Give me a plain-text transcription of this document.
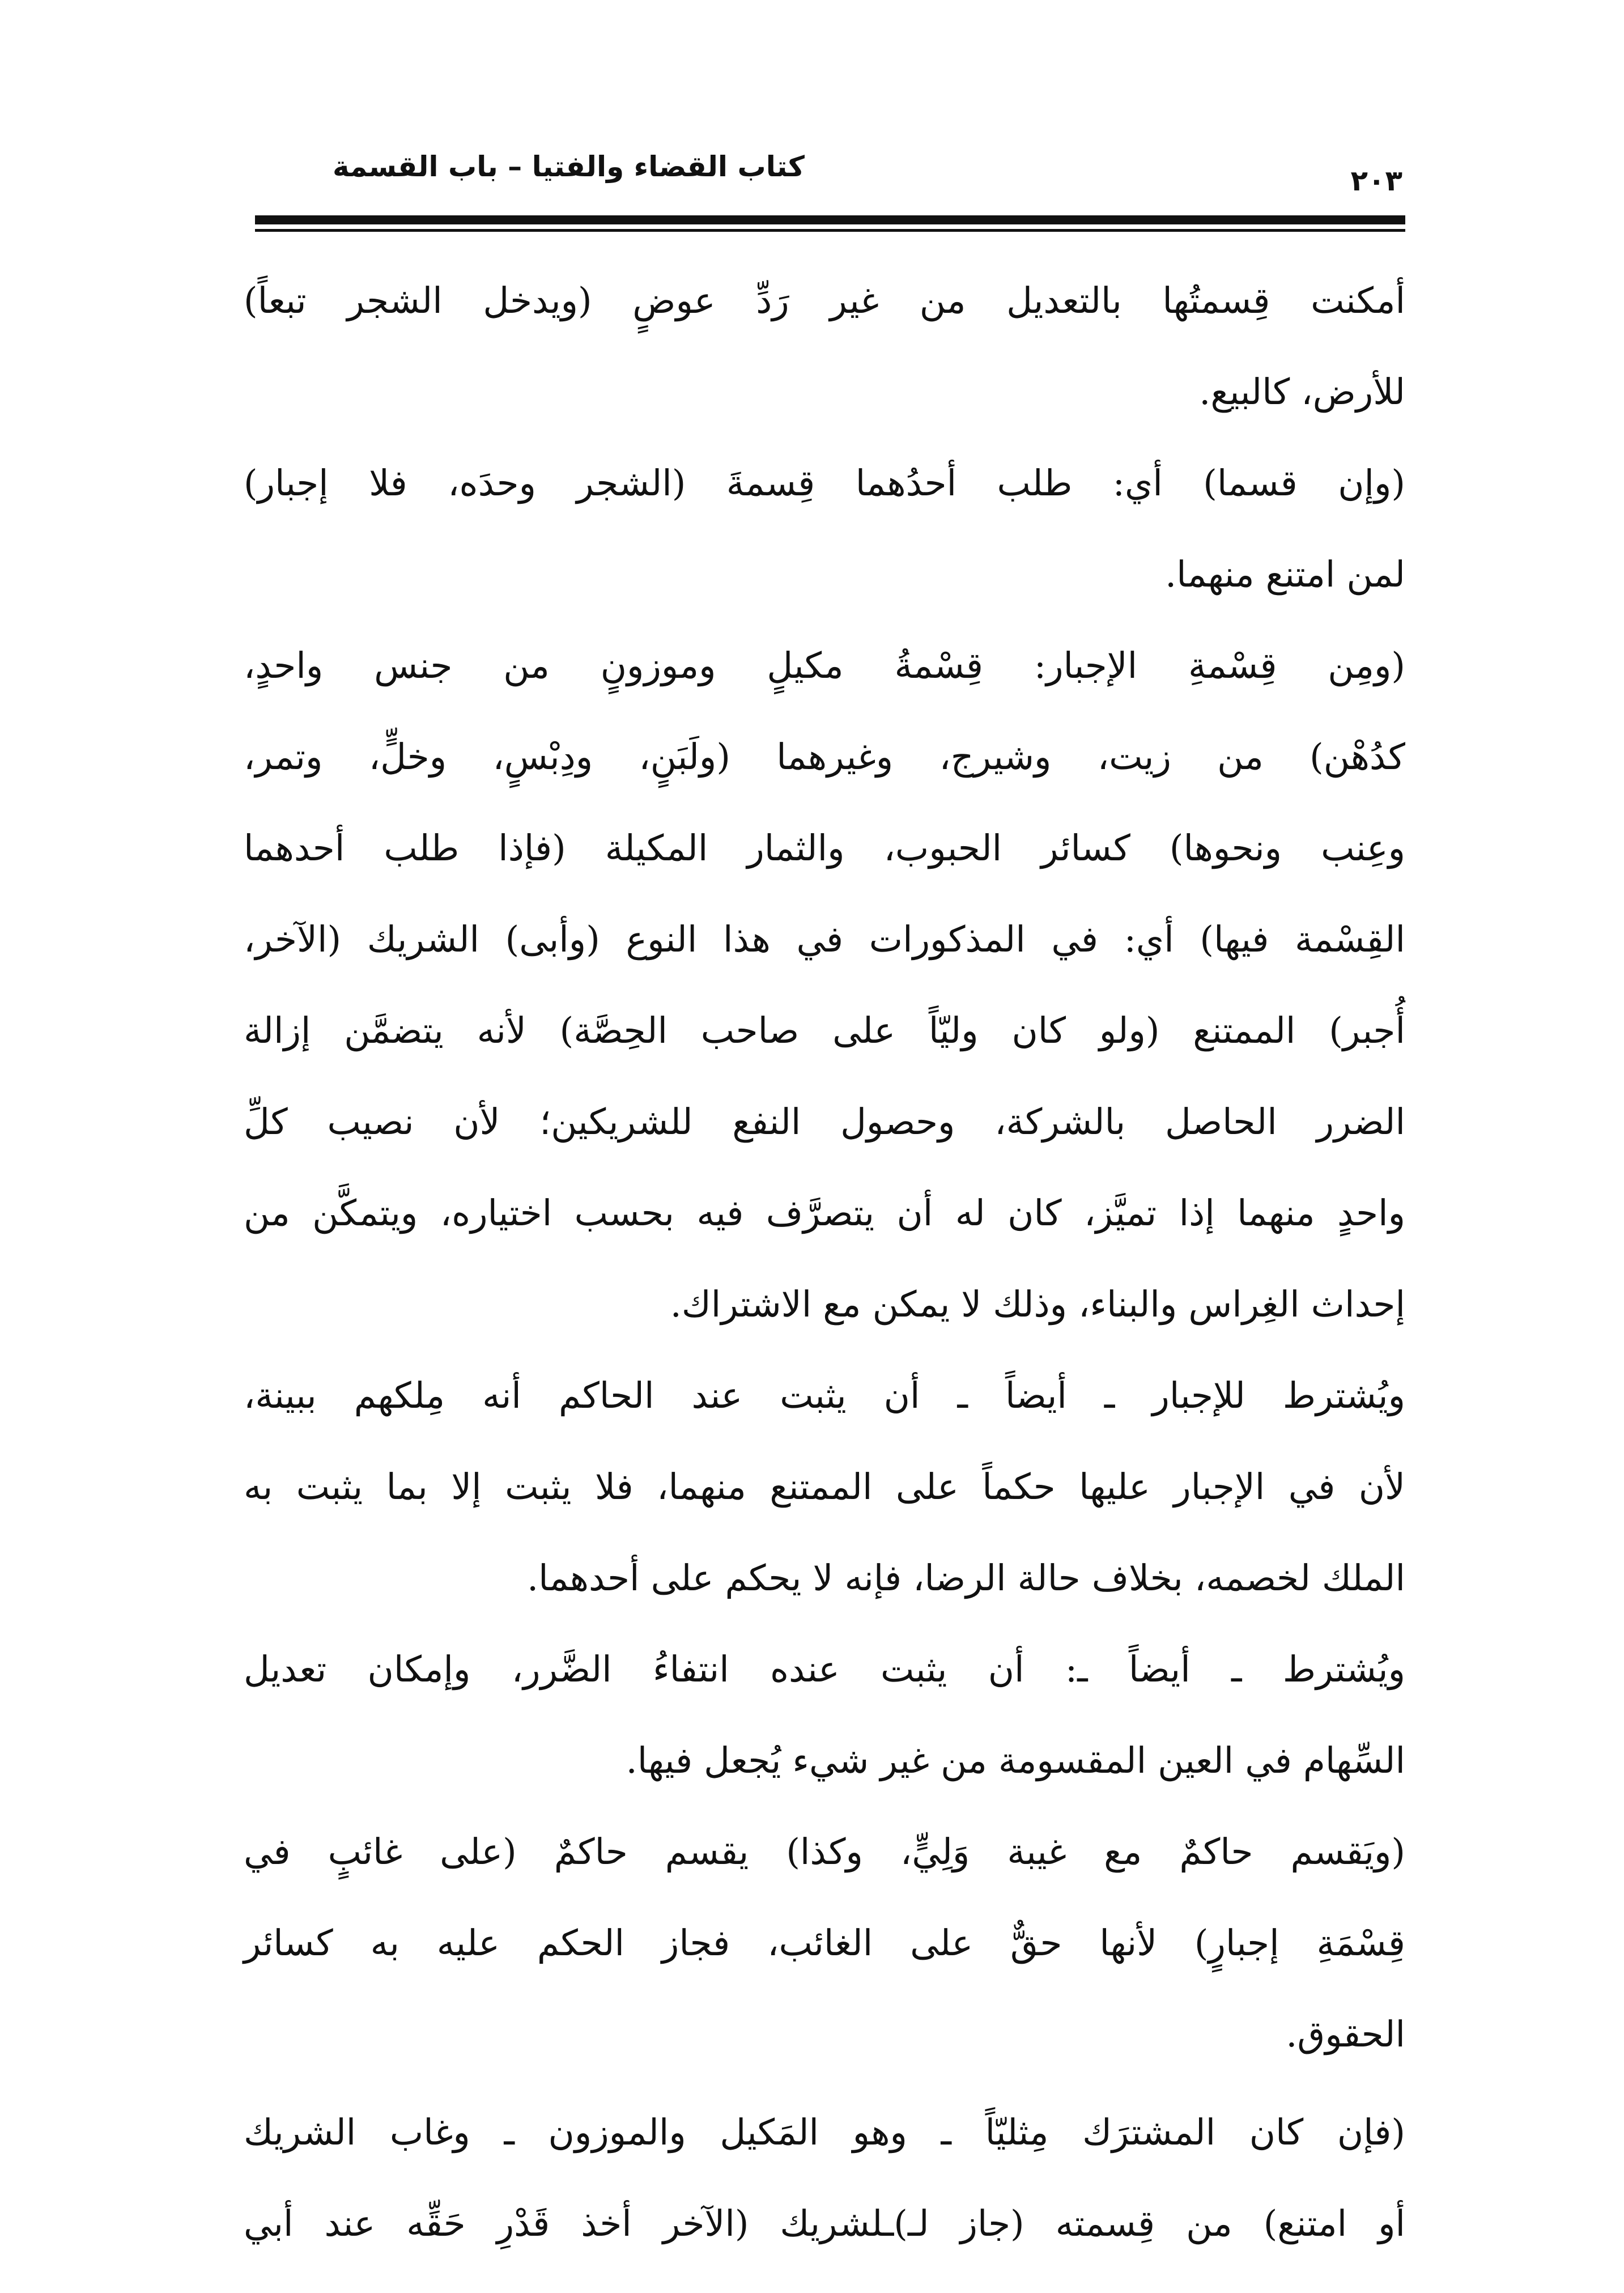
كتاب القضاء والفتيا – باب القسمة	٢٠٣
أمكنت قِسمتُها بالتعديل من غير رَدِّ عوضٍ (ويدخل الشجر تبعاً)
للأرض، كالبيع.
(وإن قسما) أي: طلب أحدُهما قِسمةَ (الشجر وحدَه، فلا إجبار)
لمن امتنع منهما.
(ومِن قِسْمةِ الإجبار: قِسْمةُ مكيلٍ وموزونٍ من جنس واحدٍ،
كدُهْن) من زيت، وشيرج، وغيرهما (ولَبَنٍ، ودِبْسٍ، وخلٍّ، وتمر،
وعِنب ونحوها) كسائر الحبوب، والثمار المكيلة (فإذا طلب أحدهما
القِسْمة فيها) أي: في المذكورات في هذا النوع (وأبى) الشريك (الآخر،
أُجبر) الممتنع (ولو كان وليّاً على صاحب الحِصَّة) لأنه يتضمَّن إزالة
الضرر الحاصل بالشركة، وحصول النفع للشريكين؛ لأن نصيب كلِّ
واحدٍ منهما إذا تميَّز، كان له أن يتصرَّف فيه بحسب اختياره، ويتمكَّن من
إحداث الغِراس والبناء، وذلك لا يمكن مع الاشتراك.
ويُشترط للإجبار ـ أيضاً ـ أن يثبت عند الحاكم أنه مِلكهم ببينة،
لأن في الإجبار عليها حكماً على الممتنع منهما، فلا يثبت إلا بما يثبت به
الملك لخصمه، بخلاف حالة الرضا، فإنه لا يحكم على أحدهما.
ويُشترط ـ أيضاً ـ: أن يثبت عنده انتفاءُ الضَّرر، وإمكان تعديل
السِّهام في العين المقسومة من غير شيء يُجعل فيها.
(ويَقسم حاكمٌ مع غيبة وَلِيٍّ، وكذا) يقسم حاكمٌ (على غائبٍ في
قِسْمَةِ إجبارٍ) لأنها حقٌّ على الغائب، فجاز الحكم عليه به كسائر
الحقوق.
(فإن كان المشترَك مِثليّاً ـ وهو المَكيل والموزون ـ وغاب الشريك
أو امتنع) من قِسمته (جاز لـ)ـلشريك (الآخر أخذ قَدْرِ حَقِّه عند أبي
